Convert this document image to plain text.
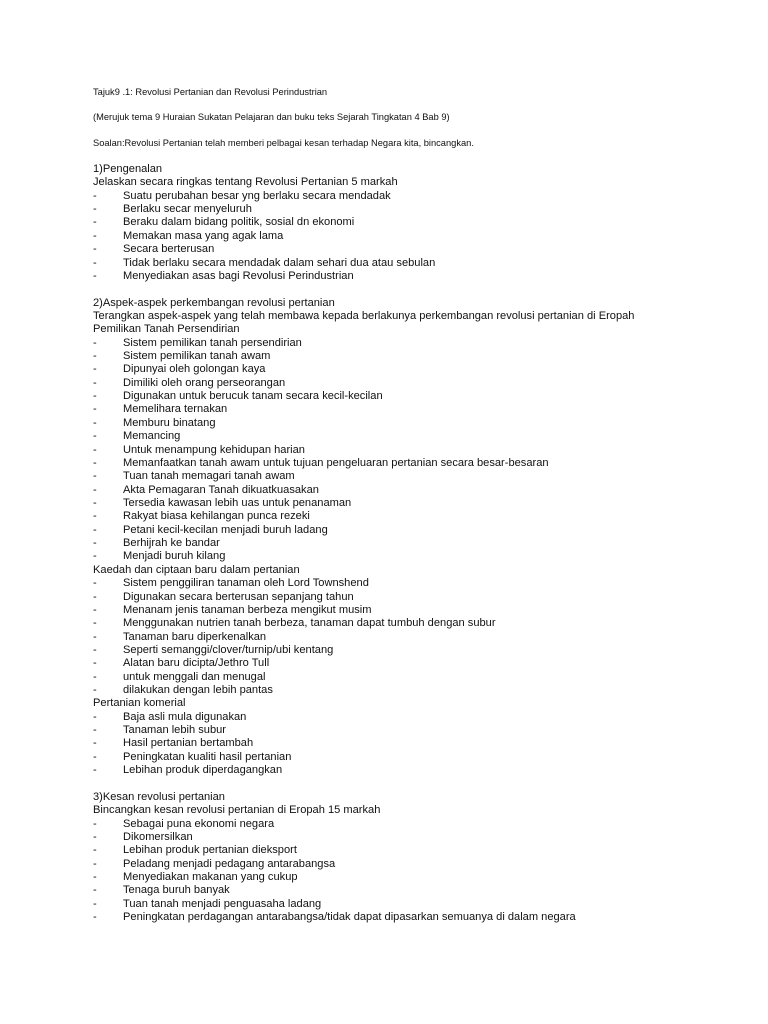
Tajuk9 .1: Revolusi Pertanian dan Revolusi Perindustrian
(Merujuk tema 9 Huraian Sukatan Pelajaran dan buku teks Sejarah Tingkatan 4 Bab 9)
Soalan:Revolusi Pertanian telah memberi pelbagai kesan terhadap Negara kita, bincangkan.
1)Pengenalan
Jelaskan secara ringkas tentang Revolusi Pertanian 5 markah
- Suatu perubahan besar yng berlaku secara mendadak
- Berlaku secar menyeluruh
- Beraku dalam bidang politik, sosial dn ekonomi
- Memakan masa yang agak lama
- Secara berterusan
- Tidak berlaku secara mendadak dalam sehari dua atau sebulan
- Menyediakan asas bagi Revolusi Perindustrian
2)Aspek-aspek perkembangan revolusi pertanian
Terangkan aspek-aspek yang telah membawa kepada berlakunya perkembangan revolusi pertanian di Eropah
Pemilikan Tanah Persendirian
- Sistem pemilikan tanah persendirian
- Sistem pemilikan tanah awam
- Dipunyai oleh golongan kaya
- Dimiliki oleh orang perseorangan
- Digunakan untuk berucuk tanam secara kecil-kecilan
- Memelihara ternakan
- Memburu binatang
- Memancing
- Untuk menampung kehidupan harian
- Memanfaatkan tanah awam untuk tujuan pengeluaran pertanian secara besar-besaran
- Tuan tanah memagari tanah awam
- Akta Pemagaran Tanah dikuatkuasakan
- Tersedia kawasan lebih uas untuk penanaman
- Rakyat biasa kehilangan punca rezeki
- Petani kecil-kecilan menjadi buruh ladang
- Berhijrah ke bandar
- Menjadi buruh kilang
Kaedah dan ciptaan baru dalam pertanian
- Sistem penggiliran tanaman oleh Lord Townshend
- Digunakan secara berterusan sepanjang tahun
- Menanam jenis tanaman berbeza mengikut musim
- Menggunakan nutrien tanah berbeza, tanaman dapat tumbuh dengan subur
- Tanaman baru diperkenalkan
- Seperti semanggi/clover/turnip/ubi kentang
- Alatan baru dicipta/Jethro Tull
- untuk menggali dan menugal
- dilakukan dengan lebih pantas
Pertanian komerial
- Baja asli mula digunakan
- Tanaman lebih subur
- Hasil pertanian bertambah
- Peningkatan kualiti hasil pertanian
- Lebihan produk diperdagangkan
3)Kesan revolusi pertanian
Bincangkan kesan revolusi pertanian di Eropah 15 markah
- Sebagai puna ekonomi negara
- Dikomersilkan
- Lebihan produk pertanian dieksport
- Peladang menjadi pedagang antarabangsa
- Menyediakan makanan yang cukup
- Tenaga buruh banyak
- Tuan tanah menjadi penguasaha ladang
- Peningkatan perdagangan antarabangsa/tidak dapat dipasarkan semuanya di dalam negara
